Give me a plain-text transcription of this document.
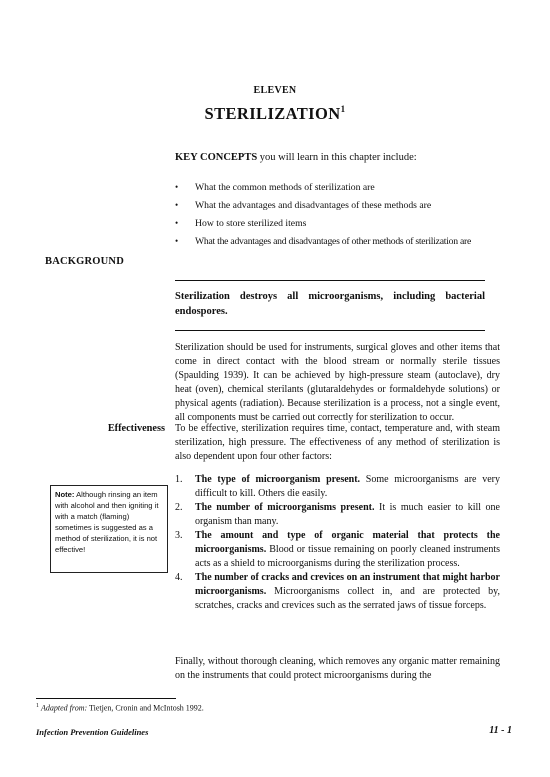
ELEVEN
STERILIZATION$^1$
KEY CONCEPTS you will learn in this chapter include:
• What the common methods of sterilization are
• What the advantages and disadvantages of these methods are
• How to store sterilized items
• What the advantages and disadvantages of other methods of sterilization are
BACKGROUND
Sterilization destroys all microorganisms, including bacterial endospores.
Sterilization should be used for instruments, surgical gloves and other items that come in direct contact with the blood stream or normally sterile tissues (Spaulding 1939). It can be achieved by high-pressure steam (autoclave), dry heat (oven), chemical sterilants (glutaraldehydes or formaldehyde solutions) or physical agents (radiation). Because sterilization is a process, not a single event, all components must be carried out correctly for sterilization to occur.
Effectiveness To be effective, sterilization requires time, contact, temperature and, with steam sterilization, high pressure. The effectiveness of any method of sterilization is also dependent upon four other factors:
Note: Although rinsing an item with alcohol and then igniting it with a match (flaming) sometimes is suggested as a method of sterilization, it is not effective!
1. The type of microorganism present. Some microorganisms are very difficult to kill. Others die easily.
2. The number of microorganisms present. It is much easier to kill one organism than many.
3. The amount and type of organic material that protects the microorganisms. Blood or tissue remaining on poorly cleaned instruments acts as a shield to microorganisms during the sterilization process.
4. The number of cracks and crevices on an instrument that might harbor microorganisms. Microorganisms collect in, and are protected by, scratches, cracks and crevices such as the serrated jaws of tissue forceps.
Finally, without thorough cleaning, which removes any organic matter remaining on the instruments that could protect microorganisms during the
$^1$ Adapted from: Tietjen, Cronin and McIntosh 1992.
Infection Prevention Guidelines	11 - 1
